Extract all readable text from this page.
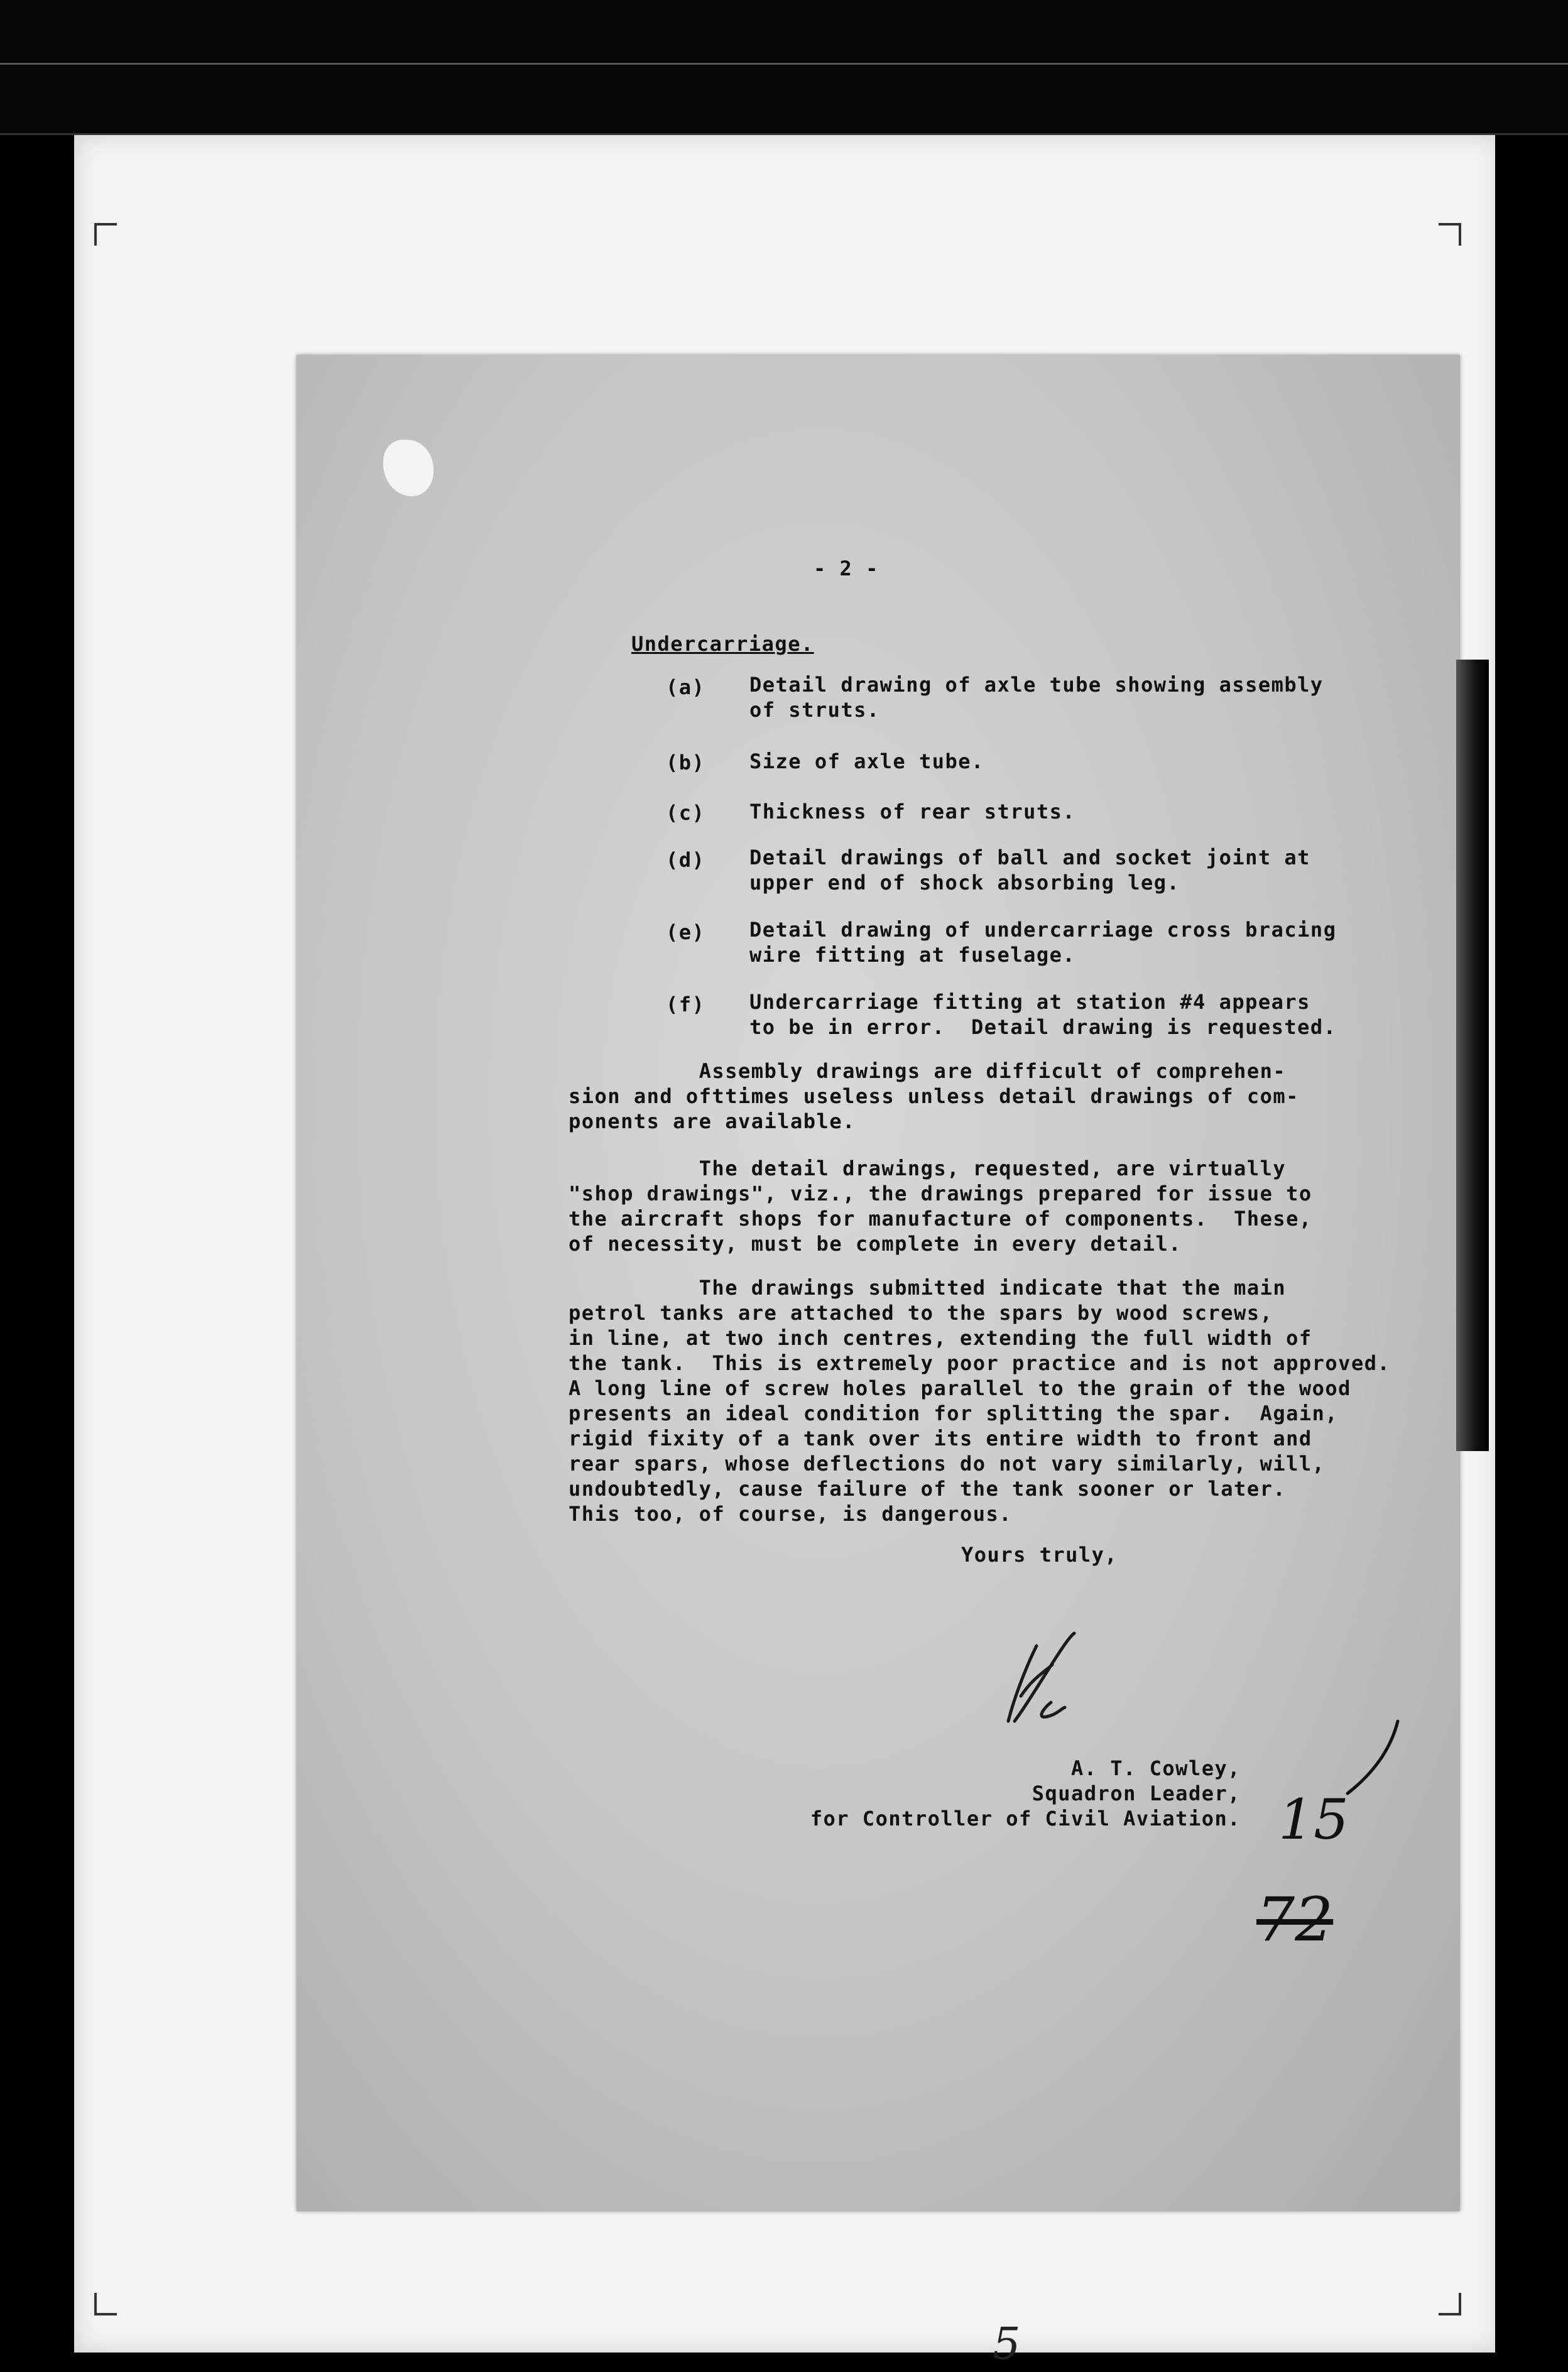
- 2 -
Undercarriage.
(a) Detail drawing of axle tube showing assembly
of struts.
(b) Size of axle tube.
(c) Thickness of rear struts.
(d) Detail drawings of ball and socket joint at
upper end of shock absorbing leg.
(e) Detail drawing of undercarriage cross bracing
wire fitting at fuselage.
(f) Undercarriage fitting at station #4 appears
to be in error.  Detail drawing is requested.
Assembly drawings are difficult of comprehen-
sion and ofttimes useless unless detail drawings of com-
ponents are available.
The detail drawings, requested, are virtually
"shop drawings", viz., the drawings prepared for issue to
the aircraft shops for manufacture of components.  These,
of necessity, must be complete in every detail.
The drawings submitted indicate that the main
petrol tanks are attached to the spars by wood screws,
in line, at two inch centres, extending the full width of
the tank.  This is extremely poor practice and is not approved.
A long line of screw holes parallel to the grain of the wood
presents an ideal condition for splitting the spar.  Again,
rigid fixity of a tank over its entire width to front and
rear spars, whose deflections do not vary similarly, will,
undoubtedly, cause failure of the tank sooner or later.
This too, of course, is dangerous.
Yours truly,
A. T. Cowley,
Squadron Leader,
for Controller of Civil Aviation. 15
72
5
